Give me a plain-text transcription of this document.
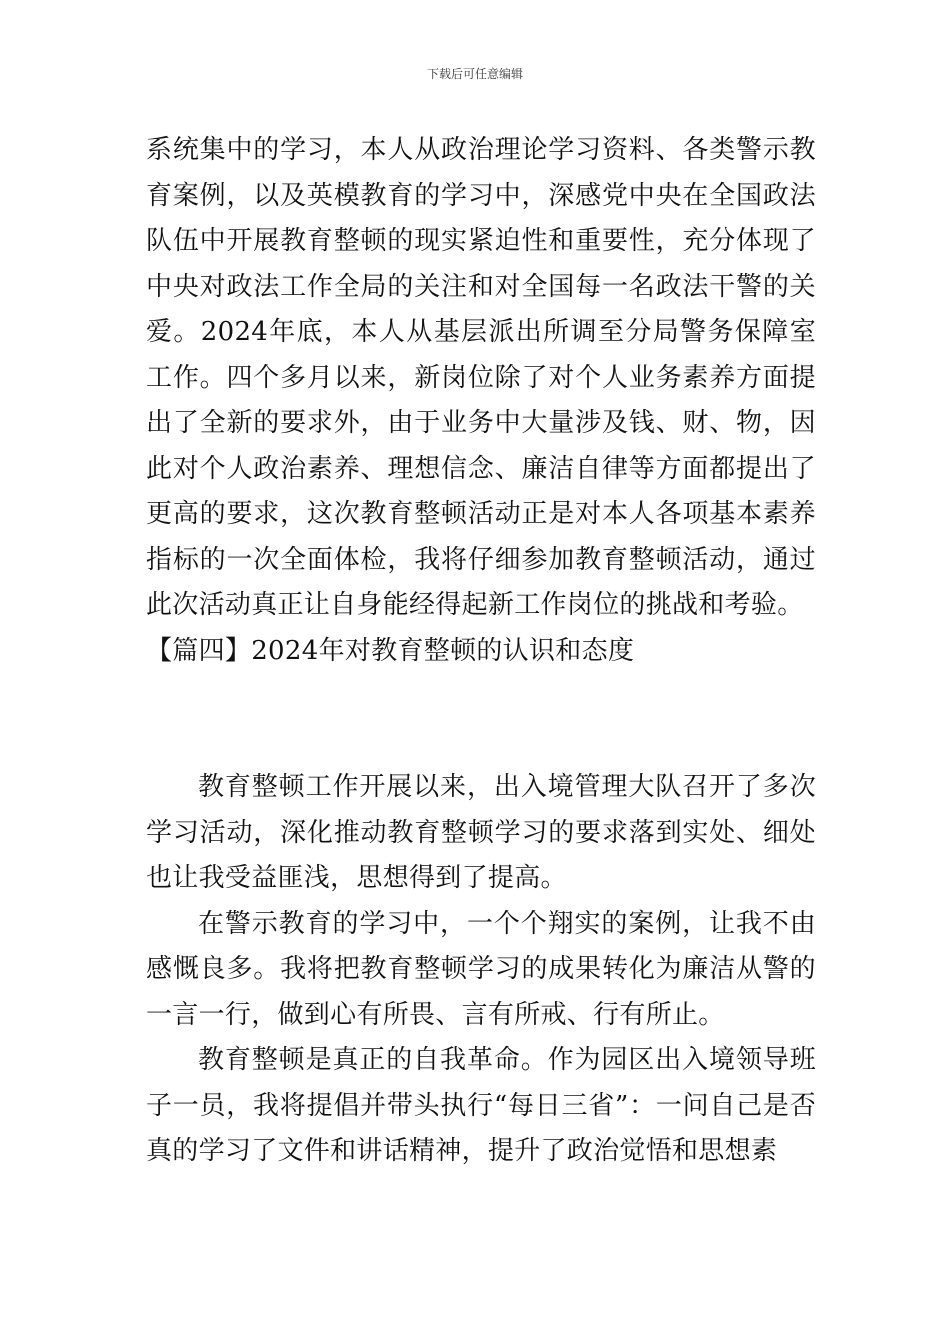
下载后可任意编辑

系统集中的学习，本人从政治理论学习资料、各类警示教育案例，以及英模教育的学习中，深感党中央在全国政法队伍中开展教育整顿的现实紧迫性和重要性，充分体现了中央对政法工作全局的关注和对全国每一名政法干警的关爱。2024年底，本人从基层派出所调至分局警务保障室工作。四个多月以来，新岗位除了对个人业务素养方面提出了全新的要求外，由于业务中大量涉及钱、财、物，因此对个人政治素养、理想信念、廉洁自律等方面都提出了更高的要求，这次教育整顿活动正是对本人各项基本素养指标的一次全面体检，我将仔细参加教育整顿活动，通过此次活动真正让自身能经得起新工作岗位的挑战和考验。

【篇四】2024年对教育整顿的认识和态度

教育整顿工作开展以来，出入境管理大队召开了多次学习活动，深化推动教育整顿学习的要求落到实处、细处也让我受益匪浅，思想得到了提高。

在警示教育的学习中，一个个翔实的案例，让我不由感慨良多。我将把教育整顿学习的成果转化为廉洁从警的一言一行，做到心有所畏、言有所戒、行有所止。

教育整顿是真正的自我革命。作为园区出入境领导班子一员，我将提倡并带头执行“每日三省”：一问自己是否真的学习了文件和讲话精神，提升了政治觉悟和思想素
